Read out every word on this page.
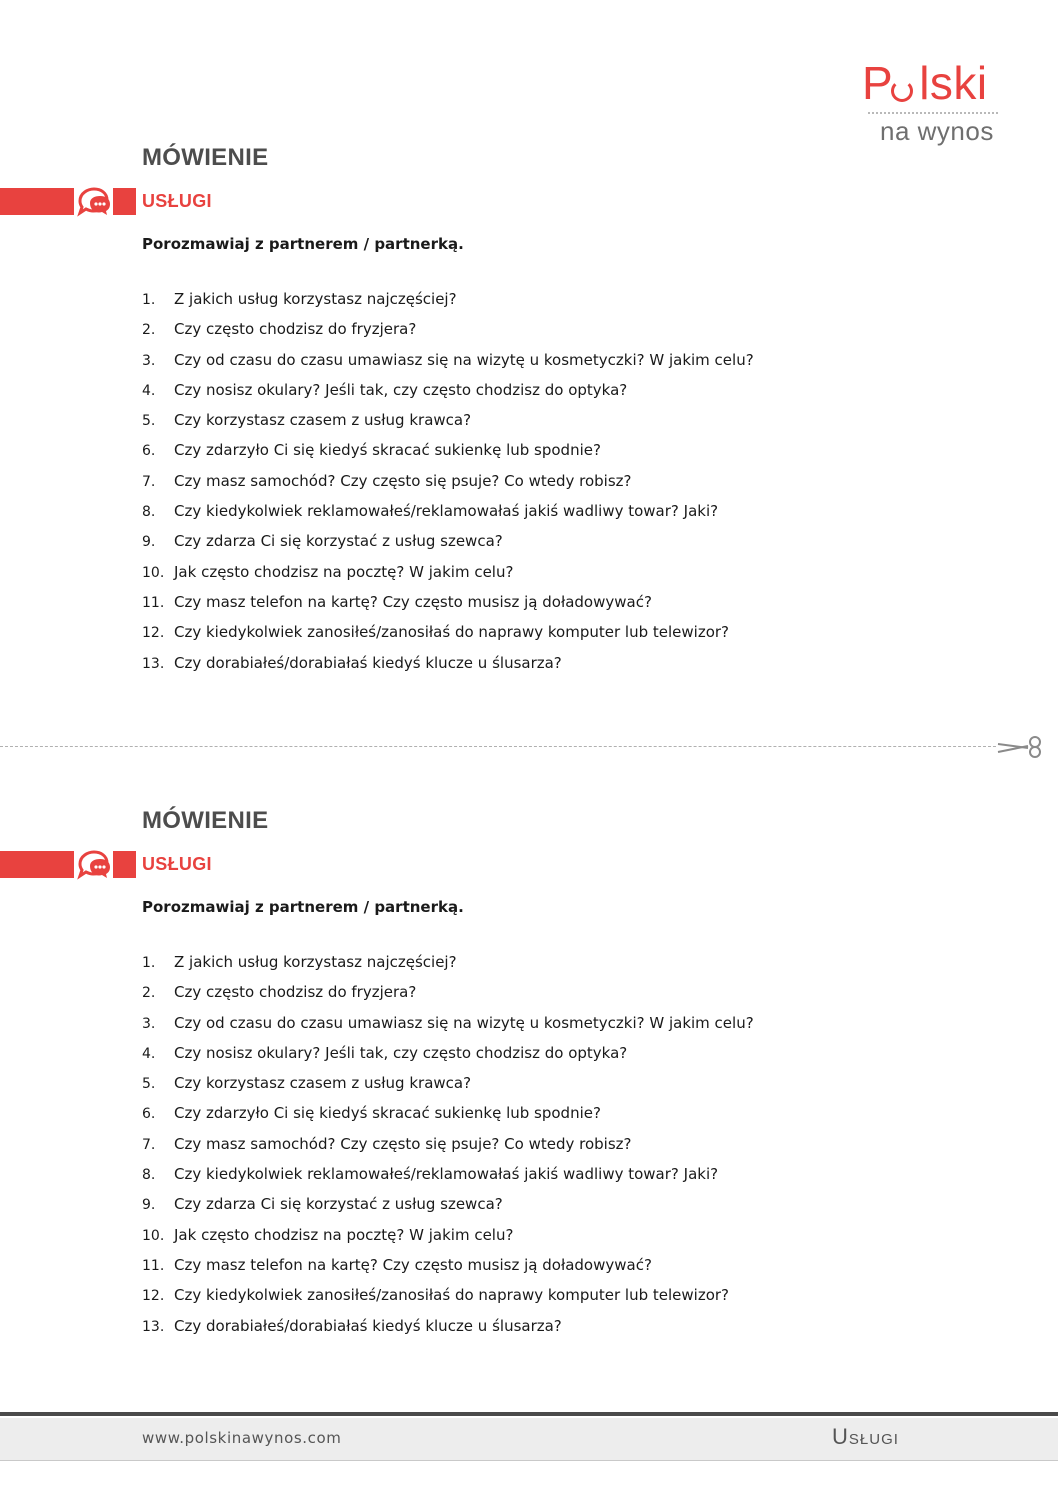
P lski
na wynos
MÓWIENIE
USŁUGI
Porozmawiaj z partnerem / partnerką.
1. Z jakich usług korzystasz najczęściej?
2. Czy często chodzisz do fryzjera?
3. Czy od czasu do czasu umawiasz się na wizytę u kosmetyczki? W jakim celu?
4. Czy nosisz okulary? Jeśli tak, czy często chodzisz do optyka?
5. Czy korzystasz czasem z usług krawca?
6. Czy zdarzyło Ci się kiedyś skracać sukienkę lub spodnie?
7. Czy masz samochód? Czy często się psuje? Co wtedy robisz?
8. Czy kiedykolwiek reklamowałeś/reklamowałaś jakiś wadliwy towar? Jaki?
9. Czy zdarza Ci się korzystać z usług szewca?
10. Jak często chodzisz na pocztę? W jakim celu?
11. Czy masz telefon na kartę? Czy często musisz ją doładowywać?
12. Czy kiedykolwiek zanosiłeś/zanosiłaś do naprawy komputer lub telewizor?
13. Czy dorabiałeś/dorabiałaś kiedyś klucze u ślusarza?
MÓWIENIE
USŁUGI
Porozmawiaj z partnerem / partnerką.
1. Z jakich usług korzystasz najczęściej?
2. Czy często chodzisz do fryzjera?
3. Czy od czasu do czasu umawiasz się na wizytę u kosmetyczki? W jakim celu?
4. Czy nosisz okulary? Jeśli tak, czy często chodzisz do optyka?
5. Czy korzystasz czasem z usług krawca?
6. Czy zdarzyło Ci się kiedyś skracać sukienkę lub spodnie?
7. Czy masz samochód? Czy często się psuje? Co wtedy robisz?
8. Czy kiedykolwiek reklamowałeś/reklamowałaś jakiś wadliwy towar? Jaki?
9. Czy zdarza Ci się korzystać z usług szewca?
10. Jak często chodzisz na pocztę? W jakim celu?
11. Czy masz telefon na kartę? Czy często musisz ją doładowywać?
12. Czy kiedykolwiek zanosiłeś/zanosiłaś do naprawy komputer lub telewizor?
13. Czy dorabiałeś/dorabiałaś kiedyś klucze u ślusarza?
www.polskinawynos.com	Usługi
